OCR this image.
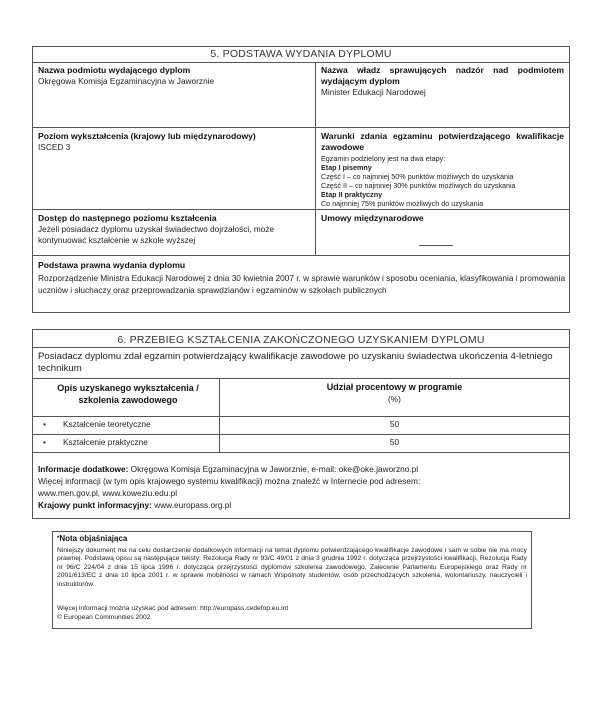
5. PODSTAWA WYDANIA DYPLOMU
Nazwa podmiotu wydającego dyplom
Okręgowa Komisja Egzaminacyjna w Jaworznie
Nazwa władz sprawujących nadzór nad podmiotem wydającym dyplom
Minister Edukacji Narodowej
Poziom wykształcenia (krajowy lub międzynarodowy)
ISCED 3
Warunki zdania egzaminu potwierdzającego kwalifikacje zawodowe
Egzamin podzielony jest na dwa etapy:
Etap I pisemny
Część I – co najmniej 50% punktów możliwych do uzyskania
Część II – co najmniej 30% punktów możliwych do uzyskania
Etap II praktyczny
Co najmniej 75% punktów możliwych do uzyskania
Dostęp do następnego poziomu kształcenia
Jeżeli posiadacz dyplomu uzyskał świadectwo dojrzałości, może kontynuować kształcenie w szkole wyższej
Umowy międzynarodowe
Podstawa prawna wydania dyplomu
Rozporządzenie Ministra Edukacji Narodowej z dnia 30 kwietnia 2007 r. w sprawie warunków i sposobu oceniania, klasyfikowania i promowania uczniów i słuchaczy oraz przeprowadzania sprawdzianów i egzaminów w szkołach publicznych
6. PRZEBIEG KSZTAŁCENIA ZAKOŃCZONEGO UZYSKANIEM DYPLOMU
Posiadacz dyplomu zdał egzamin potwierdzający kwalifikacje zawodowe po uzyskaniu świadectwa ukończenia 4-letniego technikum
Opis uzyskanego wykształcenia / szkolenia zawodowego
Udział procentowy w programie
(%)
• Kształcenie teoretyczne	50
• Kształcenie praktyczne	50
Informacje dodatkowe: Okręgowa Komisja Egzaminacyjna w Jaworznie, e-mail: oke@oke.jaworzno.pl
Więcej informacji (w tym opis krajowego systemu kwalifikacji) można znaleźć w Internecie pod adresem:
www.men.gov.pl, www.koweziu.edu.pl
Krajowy punkt informacyjny: www.europass.org.pl
*Nota objaśniająca
Niniejszy dokument ma na celu dostarczenie dodatkowych informacji na temat dyplomu potwierdzającego kwalifikacje zawodowe i sam w sobie nie ma mocy prawnej. Podstawą opisu są następujące teksty: Rezolucja Rady nr 93/C 49/01 z dnia 3 grudnia 1992 r. dotycząca przejrzystości kwalifikacji, Rezolucja Rady nr 96/C 224/04 z dnia 15 lipca 1996 r. dotycząca przejrzystości dyplomów szkolenia zawodowego, Zalecenie Parlamentu Europejskiego oraz Rady nr 2001/613/EC z dnia 10 lipca 2001 r. w sprawie mobilności w ramach Wspólnoty studentów, osób przechodzących szkolenia, wolontariuszy, nauczycieli i instruktorów.
Więcej informacji można uzyskać pod adresem: http://europass.cedefop.eu.int
© European Communities 2002
